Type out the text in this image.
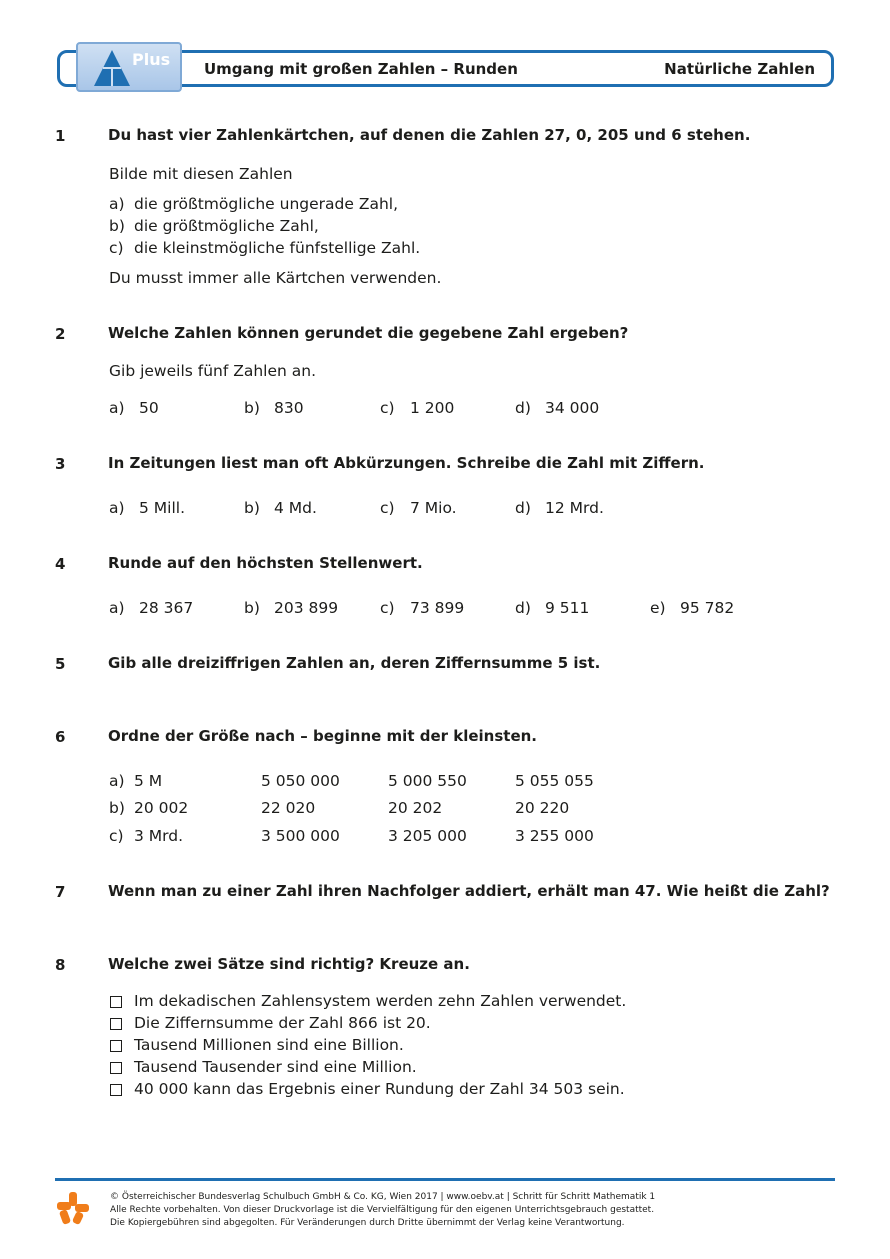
Plus Umgang mit großen Zahlen – Runden	Natürliche Zahlen
1	Du hast vier Zahlenkärtchen, auf denen die Zahlen 27, 0, 205 und 6 stehen.
Bilde mit diesen Zahlen
a) die größtmögliche ungerade Zahl,
b) die größtmögliche Zahl,
c) die kleinstmögliche fünfstellige Zahl.
Du musst immer alle Kärtchen verwenden.
2	Welche Zahlen können gerundet die gegebene Zahl ergeben?
Gib jeweils fünf Zahlen an.
a) 50	b) 830	c) 1 200	d) 34 000
3	In Zeitungen liest man oft Abkürzungen. Schreibe die Zahl mit Ziffern.
a) 5 Mill.	b) 4 Md.	c) 7 Mio.	d) 12 Mrd.
4	Runde auf den höchsten Stellenwert.
a) 28 367	b) 203 899	c) 73 899	d) 9 511	e) 95 782
5	Gib alle dreiziffrigen Zahlen an, deren Ziffernsumme 5 ist.
6	Ordne der Größe nach – beginne mit der kleinsten.
a) 5 M	5 050 000	5 000 550	5 055 055
b) 20 002	22 020	20 202	20 220
c) 3 Mrd.	3 500 000	3 205 000	3 255 000
7	Wenn man zu einer Zahl ihren Nachfolger addiert, erhält man 47. Wie heißt die Zahl?
8	Welche zwei Sätze sind richtig? Kreuze an.
Im dekadischen Zahlensystem werden zehn Zahlen verwendet.
Die Ziffernsumme der Zahl 866 ist 20.
Tausend Millionen sind eine Billion.
Tausend Tausender sind eine Million.
40 000 kann das Ergebnis einer Rundung der Zahl 34 503 sein.
© Österreichischer Bundesverlag Schulbuch GmbH & Co. KG, Wien 2017 | www.oebv.at | Schritt für Schritt Mathematik 1
Alle Rechte vorbehalten. Von dieser Druckvorlage ist die Vervielfältigung für den eigenen Unterrichtsgebrauch gestattet.
Die Kopiergebühren sind abgegolten. Für Veränderungen durch Dritte übernimmt der Verlag keine Verantwortung.
